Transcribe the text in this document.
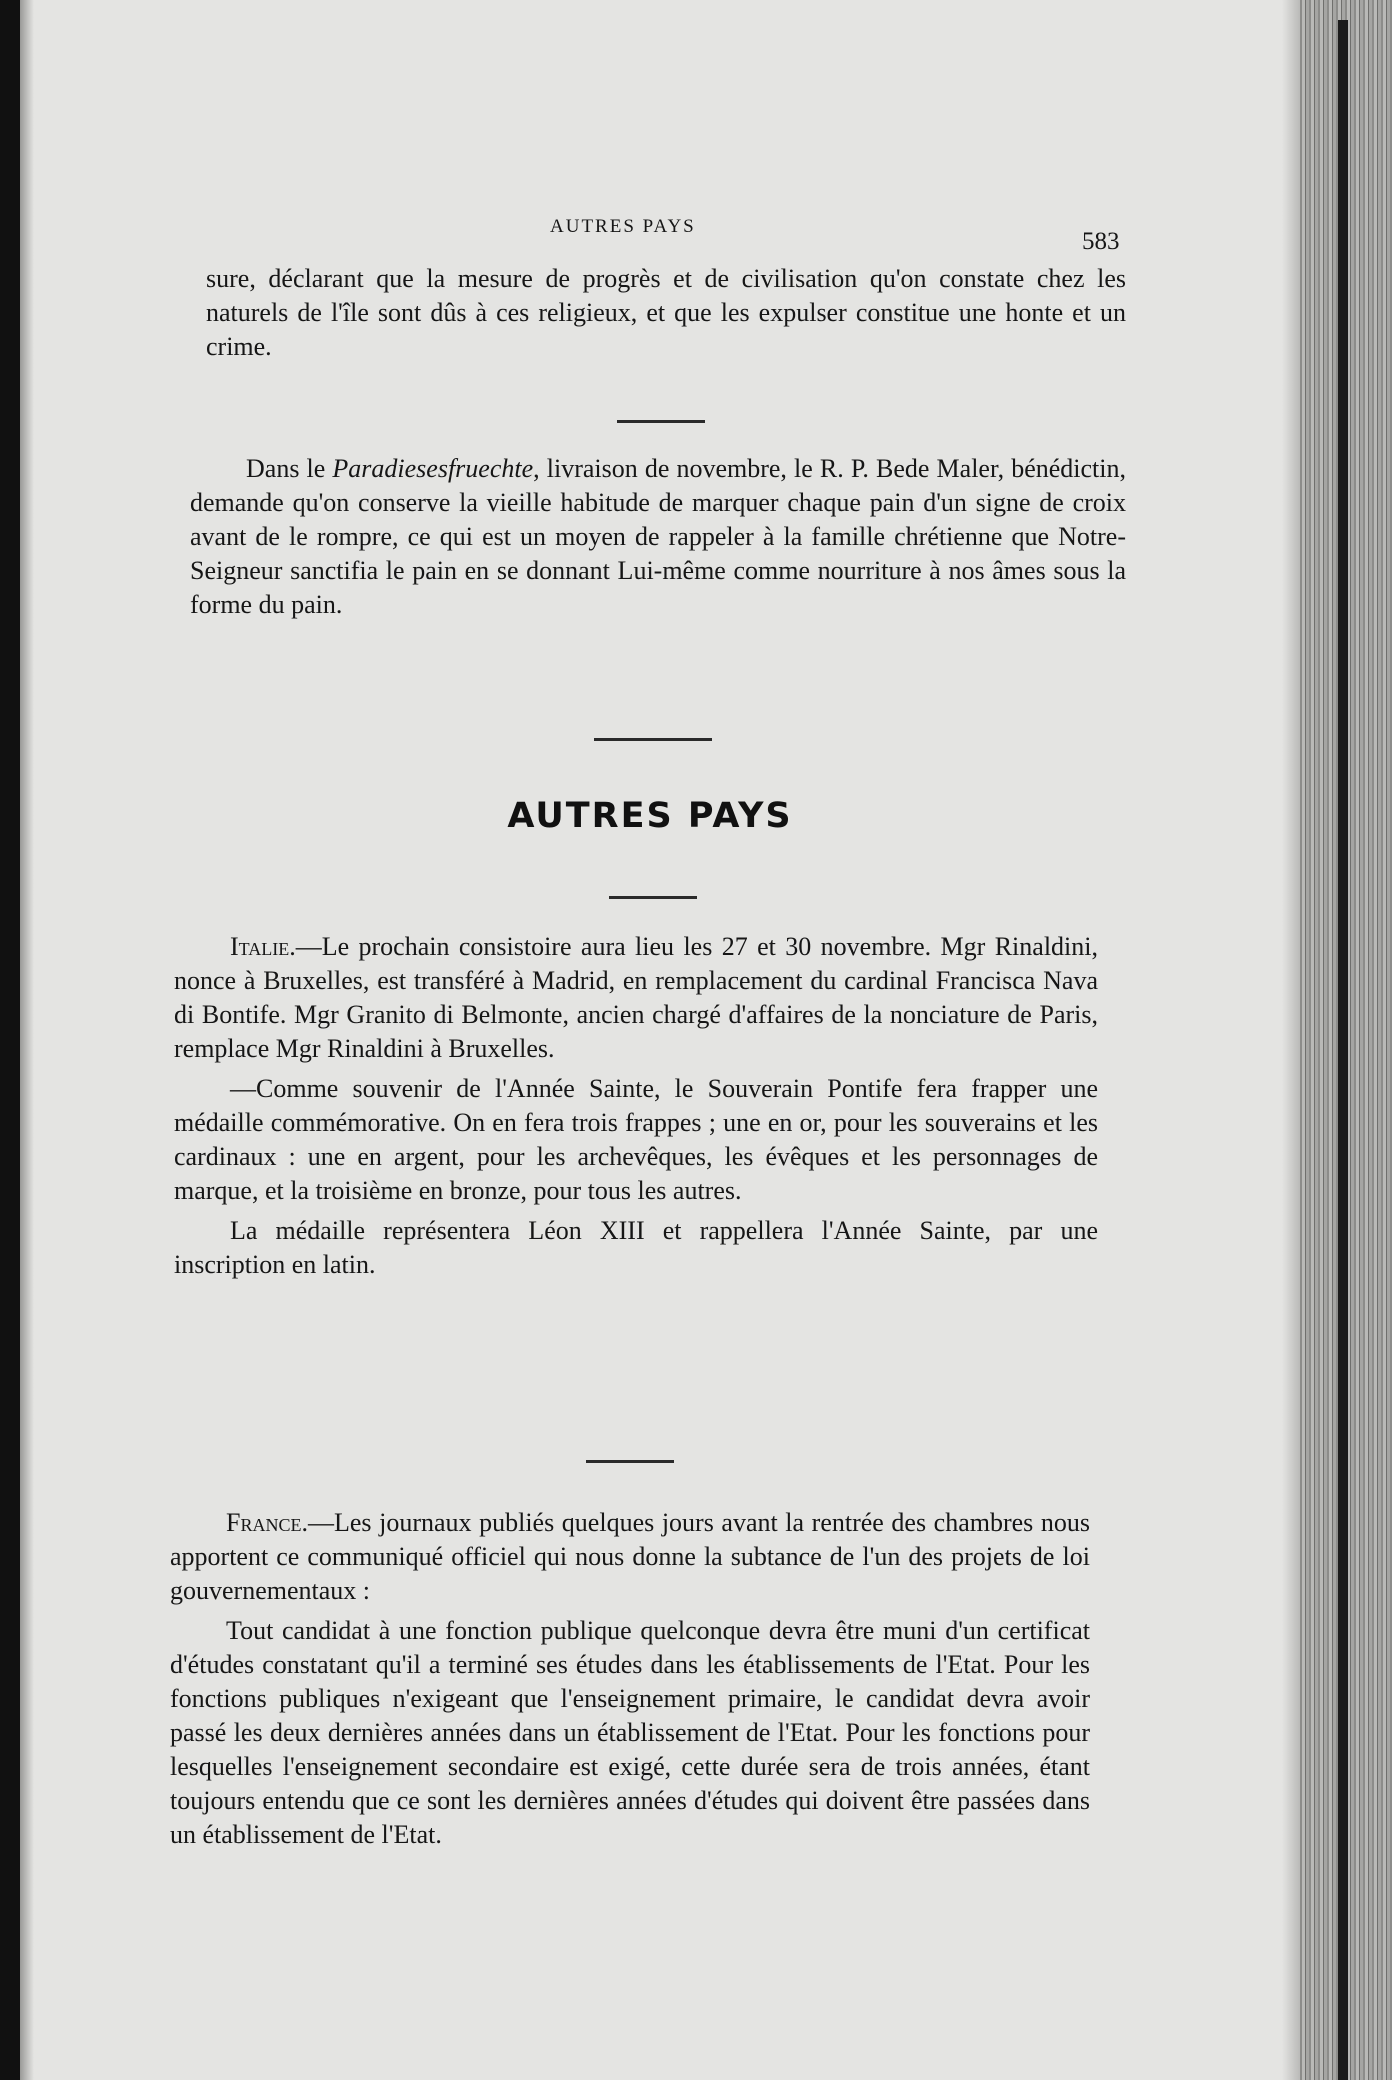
AUTRES PAYS
583

sure, déclarant que la mesure de progrès et de civilisation qu'on constate chez les naturels de l'île sont dûs à ces religieux, et que les expulser constitue une honte et un crime.

Dans le Paradiesesfruechte, livraison de novembre, le R. P. Bede Maler, bénédictin, demande qu'on conserve la vieille habitude de marquer chaque pain d'un signe de croix avant de le rompre, ce qui est un moyen de rappeler à la famille chrétienne que Notre-Seigneur sanctifia le pain en se donnant Lui-même comme nourriture à nos âmes sous la forme du pain.

AUTRES PAYS

Italie.—Le prochain consistoire aura lieu les 27 et 30 novembre. Mgr Rinaldini, nonce à Bruxelles, est transféré à Madrid, en remplacement du cardinal Francisca Nava di Bontife. Mgr Granito di Belmonte, ancien chargé d'affaires de la nonciature de Paris, remplace Mgr Rinaldini à Bruxelles.

—Comme souvenir de l'Année Sainte, le Souverain Pontife fera frapper une médaille commémorative. On en fera trois frappes ; une en or, pour les souverains et les cardinaux : une en argent, pour les archevêques, les évêques et les personnages de marque, et la troisième en bronze, pour tous les autres.

La médaille représentera Léon XIII et rappellera l'Année Sainte, par une inscription en latin.

France.—Les journaux publiés quelques jours avant la rentrée des chambres nous apportent ce communiqué officiel qui nous donne la subtance de l'un des projets de loi gouvernementaux :

Tout candidat à une fonction publique quelconque devra être muni d'un certificat d'études constatant qu'il a terminé ses études dans les établissements de l'Etat. Pour les fonctions publiques n'exigeant que l'enseignement primaire, le candidat devra avoir passé les deux dernières années dans un établissement de l'Etat. Pour les fonctions pour lesquelles l'enseignement secondaire est exigé, cette durée sera de trois années, étant toujours entendu que ce sont les dernières années d'études qui doivent être passées dans un établissement de l'Etat.
